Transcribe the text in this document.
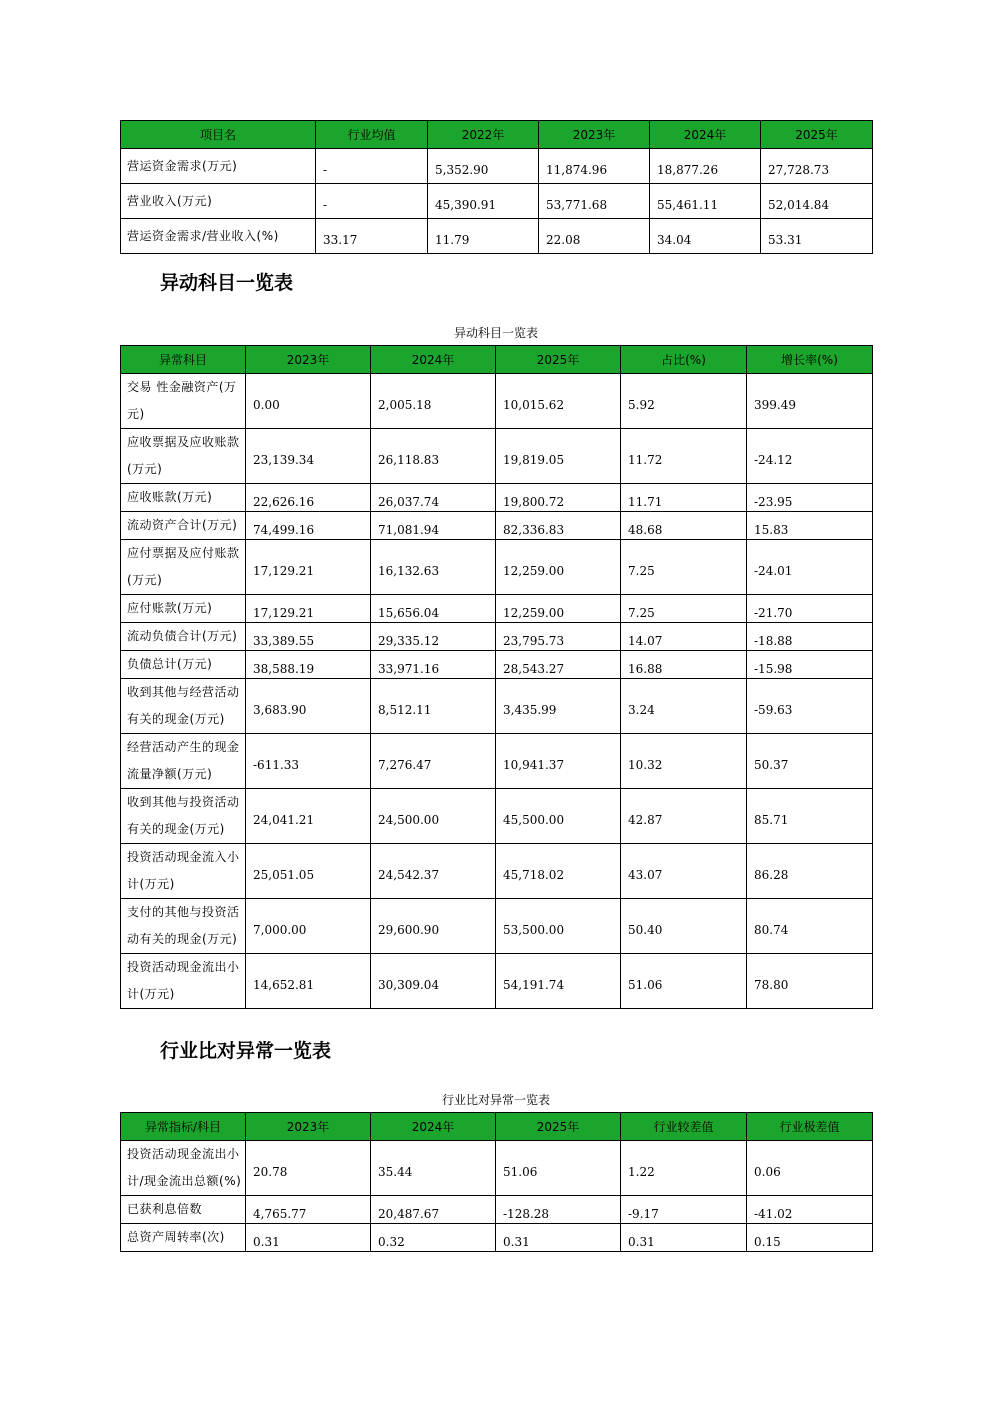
项目名	行业均值	2022年	2023年	2024年	2025年
营运资金需求(万元)	-	5,352.90	11,874.96	18,877.26	27,728.73
营业收入(万元)	-	45,390.91	53,771.68	55,461.11	52,014.84
营运资金需求/营业收入(%)	33.17	11.79	22.08	34.04	53.31
异动科目一览表
异动科目一览表
异常科目	2023年	2024年	2025年	占比(%)	增长率(%)
交易 性金融资产(万元)	0.00	2,005.18	10,015.62	5.92	399.49
应收票据及应收账款(万元)	23,139.34	26,118.83	19,819.05	11.72	-24.12
应收账款(万元)	22,626.16	26,037.74	19,800.72	11.71	-23.95
流动资产合计(万元)	74,499.16	71,081.94	82,336.83	48.68	15.83
应付票据及应付账款(万元)	17,129.21	16,132.63	12,259.00	7.25	-24.01
应付账款(万元)	17,129.21	15,656.04	12,259.00	7.25	-21.70
流动负债合计(万元)	33,389.55	29,335.12	23,795.73	14.07	-18.88
负债总计(万元)	38,588.19	33,971.16	28,543.27	16.88	-15.98
收到其他与经营活动有关的现金(万元)	3,683.90	8,512.11	3,435.99	3.24	-59.63
经营活动产生的现金流量净额(万元)	-611.33	7,276.47	10,941.37	10.32	50.37
收到其他与投资活动有关的现金(万元)	24,041.21	24,500.00	45,500.00	42.87	85.71
投资活动现金流入小计(万元)	25,051.05	24,542.37	45,718.02	43.07	86.28
支付的其他与投资活动有关的现金(万元)	7,000.00	29,600.90	53,500.00	50.40	80.74
投资活动现金流出小计(万元)	14,652.81	30,309.04	54,191.74	51.06	78.80
行业比对异常一览表
行业比对异常一览表
异常指标/科目	2023年	2024年	2025年	行业较差值	行业极差值
投资活动现金流出小计/现金流出总额(%)	20.78	35.44	51.06	1.22	0.06
已获利息倍数	4,765.77	20,487.67	-128.28	-9.17	-41.02
总资产周转率(次)	0.31	0.32	0.31	0.31	0.15
